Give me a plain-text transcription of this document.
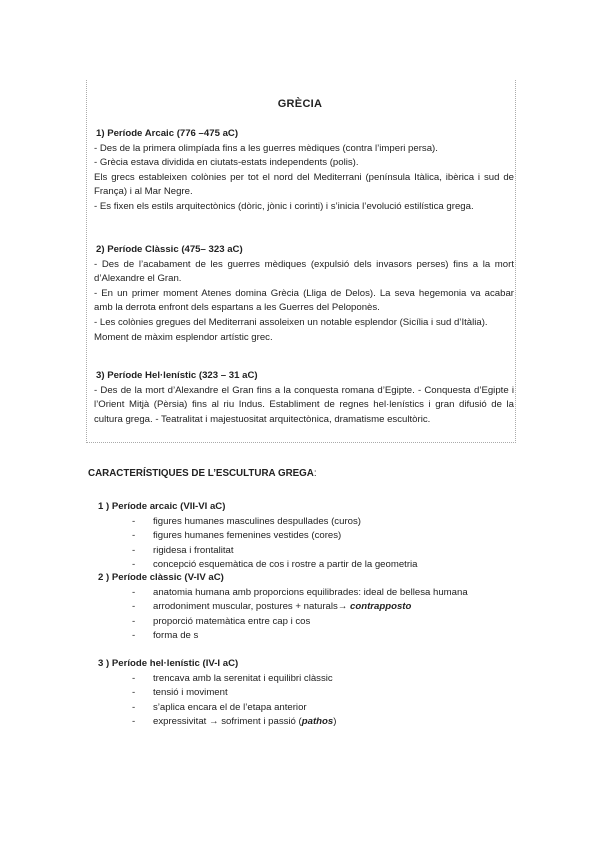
GRÈCIA
1) Període Arcaic (776 –475 aC)

- Des de la primera olimpíada fins a les guerres mèdiques (contra l’imperi persa).

- Grècia estava dividida en ciutats-estats independents (polis).

Els grecs estableixen colònies per tot el nord del Mediterrani (península Itàlica, ibèrica i sud de França) i al Mar Negre.

- Es fixen els estils arquitectònics (dòric, jònic i corinti) i s’inicia l’evolució estilística grega.

2) Període Clàssic (475– 323 aC)

- Des de l’acabament de les guerres mèdiques (expulsió dels invasors perses) fins a la mort d’Alexandre el Gran.

- En un primer moment Atenes domina Grècia (Lliga de Delos). La seva hegemonia va acabar amb la derrota enfront dels espartans a les Guerres del Peloponès.

- Les colònies gregues del Mediterrani assoleixen un notable esplendor (Sicília i sud d’Itàlia).

Moment de màxim esplendor artístic grec.

3) Període Hel·lenístic (323 – 31 aC)

- Des de la mort d’Alexandre el Gran fins a la conquesta romana d’Egipte. - Conquesta d’Egipte i l’Orient Mitjà (Pèrsia) fins al riu Indus. Establiment de regnes hel·lenístics i gran difusió de la cultura grega. - Teatralitat i majestuositat arquitectònica, dramatisme escultòric.

CARACTERÍSTIQUES DE L’ESCULTURA GREGA:

1 ) Període arcaic (VII-VI aC)

- figures humanes masculines despullades (curos)
- figures humanes femenines vestides (cores)
- rigidesa i frontalitat
- concepció esquemàtica de cos i rostre a partir de la geometria

2 ) Període clàssic (V-IV aC)

- anatomia humana amb proporcions equilibrades: ideal de bellesa humana
- arrodoniment muscular, postures + naturals→ contrapposto
- proporció matemàtica entre cap i cos
- forma de s

3 ) Període hel·lenístic (IV-I aC)

- trencava amb la serenitat i equilibri clàssic
- tensió i moviment
- s’aplica encara el de l’etapa anterior
- expressivitat → sofriment i passió (pathos)
